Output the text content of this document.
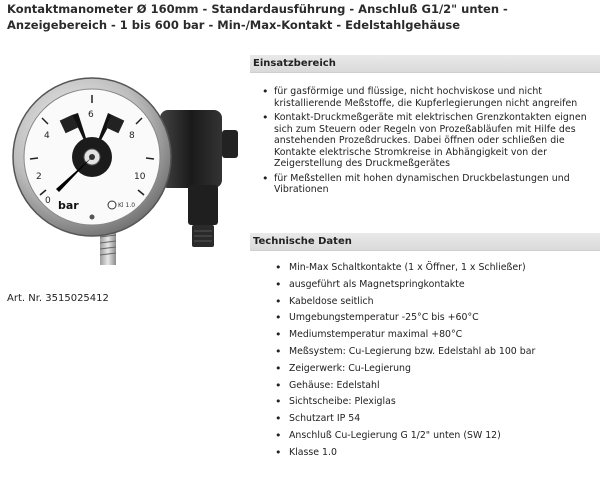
Kontaktmanometer Ø 160mm - Standardausführung - Anschluß G1/2" unten - Anzeigebereich - 1 bis 600 bar - Min-/Max-Kontakt - Edelstahlgehäuse
0
2
4
6
8
10
bar	Kl 1.0
Art. Nr. 3515025412
Einsatzbereich
• für gasförmige und flüssige, nicht hochviskose und nicht kristallierende Meßstoffe, die Kupferlegierungen nicht angreifen
• Kontakt-Druckmeßgeräte mit elektrischen Grenzkontakten eignen sich zum Steuern oder Regeln von Prozeßabläufen mit Hilfe des anstehenden Prozeßdruckes. Dabei öffnen oder schließen die Kontakte elektrische Stromkreise in Abhängigkeit von der Zeigerstellung des Druckmeßgerätes
• für Meßstellen mit hohen dynamischen Druckbelastungen und Vibrationen
Technische Daten
• Min-Max Schaltkontakte (1 x Öffner, 1 x Schließer)
• ausgeführt als Magnetspringkontakte
• Kabeldose seitlich
• Umgebungstemperatur -25°C bis +60°C
• Mediumstemperatur maximal +80°C
• Meßsystem: Cu-Legierung bzw. Edelstahl ab 100 bar
• Zeigerwerk: Cu-Legierung
• Gehäuse: Edelstahl
• Sichtscheibe: Plexiglas
• Schutzart IP 54
• Anschluß Cu-Legierung G 1/2" unten (SW 12)
• Klasse 1.0
